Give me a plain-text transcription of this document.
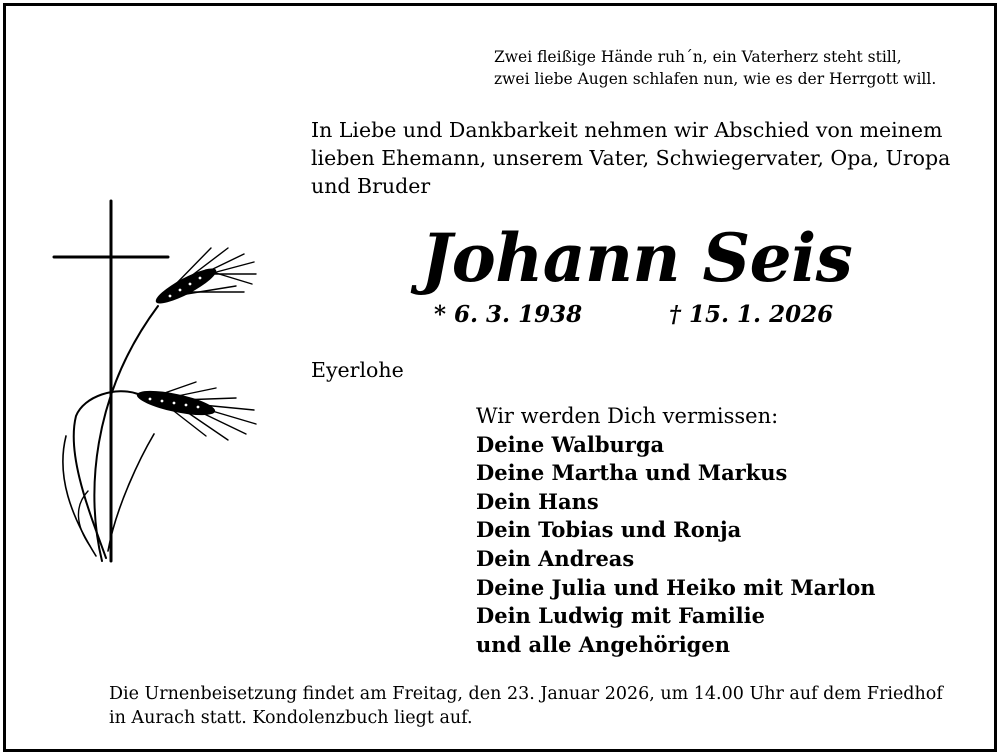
Zwei fleißige Hände ruh´n, ein Vaterherz steht still,
zwei liebe Augen schlafen nun, wie es der Herrgott will.
In Liebe und Dankbarkeit nehmen wir Abschied von meinem
lieben Ehemann, unserem Vater, Schwiegervater, Opa, Uropa
und Bruder
Johann Seis
* 6. 3. 1938	† 15. 1. 2026
Eyerlohe
Wir werden Dich vermissen:
Deine Walburga
Deine Martha und Markus
Dein Hans
Dein Tobias und Ronja
Dein Andreas
Deine Julia und Heiko mit Marlon
Dein Ludwig mit Familie
und alle Angehörigen
Die Urnenbeisetzung findet am Freitag, den 23. Januar 2026, um 14.00 Uhr auf dem Friedhof
in Aurach statt. Kondolenzbuch liegt auf.
